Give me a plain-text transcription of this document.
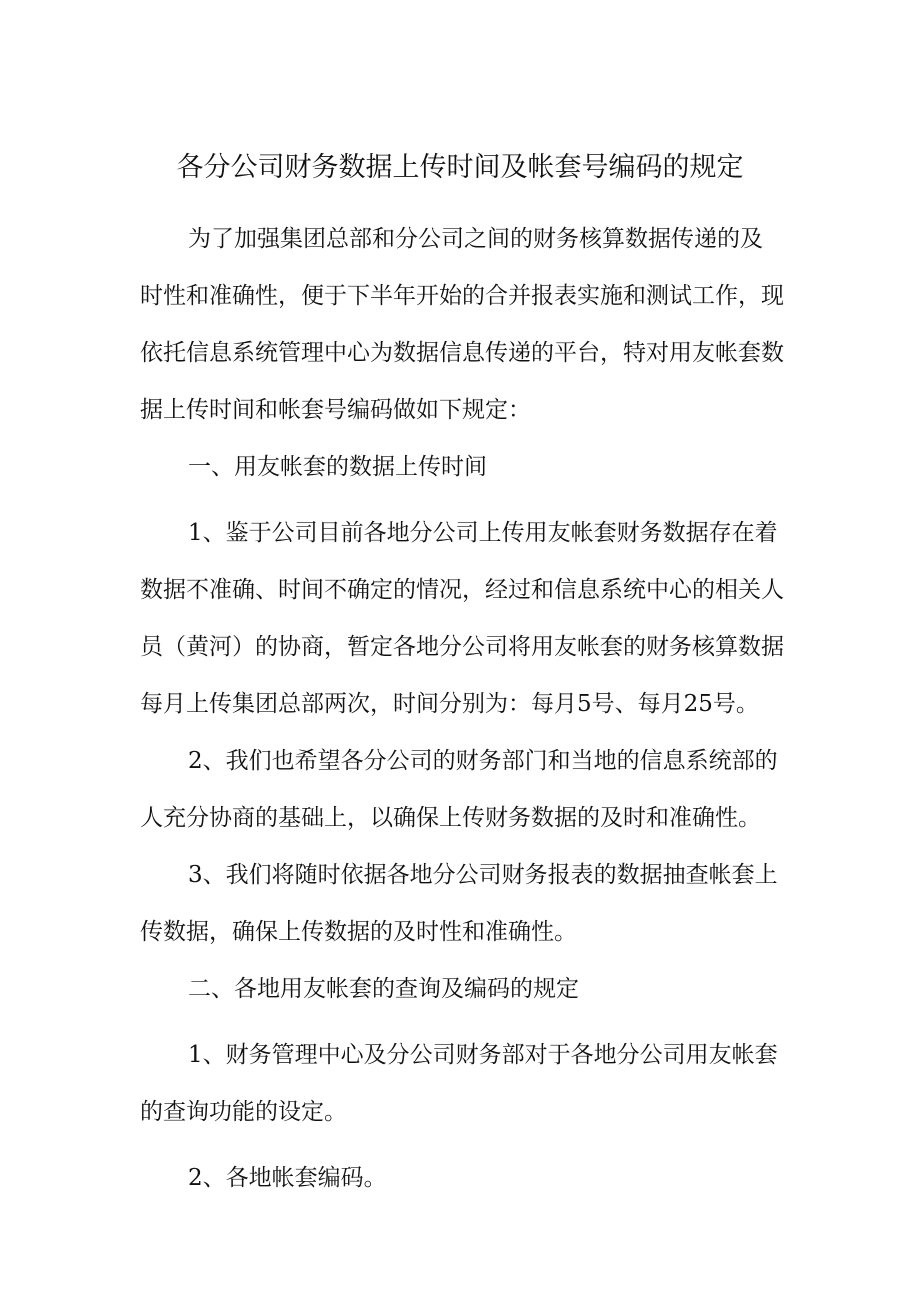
各分公司财务数据上传时间及帐套号编码的规定
为了加强集团总部和分公司之间的财务核算数据传递的及
时性和准确性，便于下半年开始的合并报表实施和测试工作，现
依托信息系统管理中心为数据信息传递的平台，特对用友帐套数
据上传时间和帐套号编码做如下规定：
一、用友帐套的数据上传时间
1、鉴于公司目前各地分公司上传用友帐套财务数据存在着
数据不准确、时间不确定的情况，经过和信息系统中心的相关人
员（黄河）的协商，暂定各地分公司将用友帐套的财务核算数据
每月上传集团总部两次，时间分别为：每月5号、每月25号。
2、我们也希望各分公司的财务部门和当地的信息系统部的
人充分协商的基础上，以确保上传财务数据的及时和准确性。
3、我们将随时依据各地分公司财务报表的数据抽查帐套上
传数据，确保上传数据的及时性和准确性。
二、各地用友帐套的查询及编码的规定
1、财务管理中心及分公司财务部对于各地分公司用友帐套
的查询功能的设定。
2、各地帐套编码。
